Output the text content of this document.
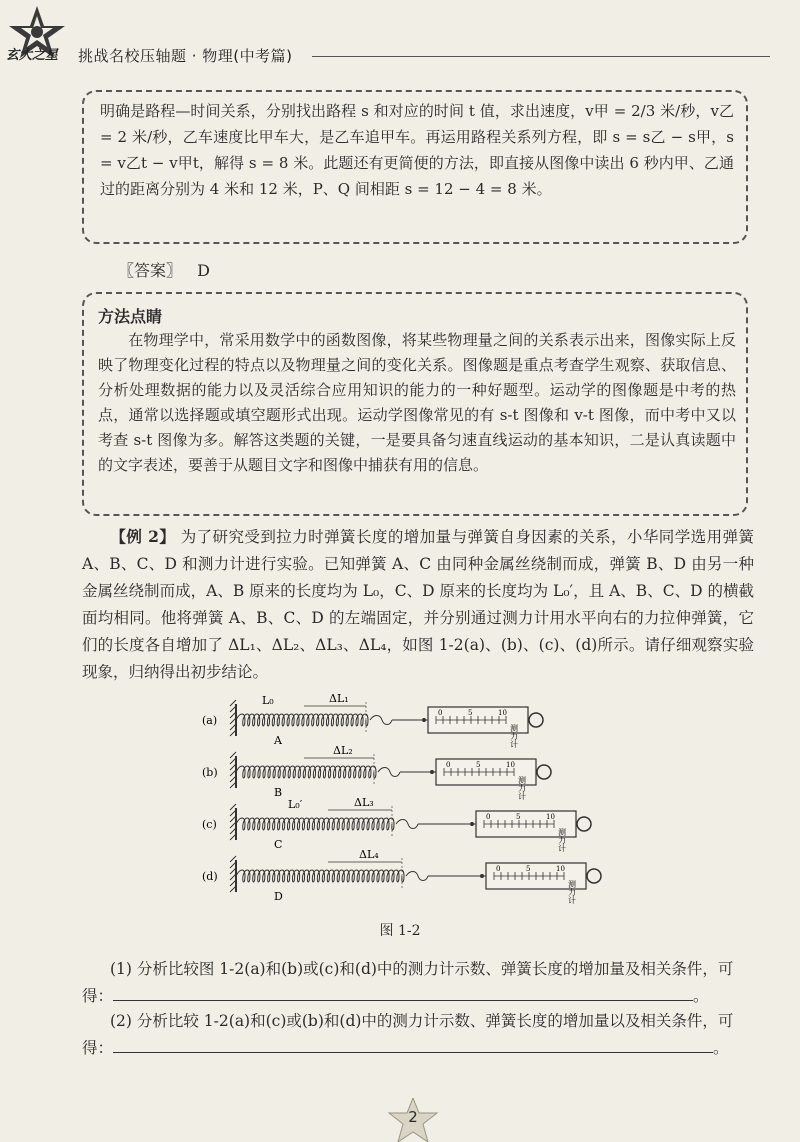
玄大之星 挑战名校压轴题 · 物理(中考篇)
明确是路程—时间关系，分别找出路程 s 和对应的时间 t 值，求出速度，v甲 = 2/3 米/秒，v乙 = 2 米/秒，乙车速度比甲车大，是乙车追甲车。再运用路程关系列方程，即 s = s乙 − s甲，s = v乙t − v甲t，解得 s = 8 米。此题还有更简便的方法，即直接从图像中读出 6 秒内甲、乙通过的距离分别为 4 米和 12 米，P、Q 间相距 s = 12 − 4 = 8 米。
〖答案〗 D
方法点睛
在物理学中，常采用数学中的函数图像，将某些物理量之间的关系表示出来，图像实际上反映了物理变化过程的特点以及物理量之间的变化关系。图像题是重点考查学生观察、获取信息、分析处理数据的能力以及灵活综合应用知识的能力的一种好题型。运动学的图像题是中考的热点，通常以选择题或填空题形式出现。运动学图像常见的有 s-t 图像和 v-t 图像，而中考中又以考查 s-t 图像为多。解答这类题的关键，一是要具备匀速直线运动的基本知识，二是认真读题中的文字表述，要善于从题目文字和图像中捕获有用的信息。
【例 2】 为了研究受到拉力时弹簧长度的增加量与弹簧自身因素的关系，小华同学选用弹簧 A、B、C、D 和测力计进行实验。已知弹簧 A、C 由同种金属丝绕制而成，弹簧 B、D 由另一种金属丝绕制而成，A、B 原来的长度均为 L₀，C、D 原来的长度均为 L₀′，且 A、B、C、D 的横截面均相同。他将弹簧 A、B、C、D 的左端固定，并分别通过测力计用水平向右的力拉伸弹簧，它们的长度各自增加了 ΔL₁、ΔL₂、ΔL₃、ΔL₄，如图 1-2(a)、(b)、(c)、(d)所示。请仔细观察实验现象，归纳得出初步结论。
(a)
0	5	10
测力计
A
ΔL₁
(b)
0	5	10
测力计
B
ΔL₂
(c)
0	5	10
测力计
C
ΔL₃
(d)
0	5	10
测力计
D
ΔL₄
L₀
L₀′
图 1-2
(1) 分析比较图 1-2(a)和(b)或(c)和(d)中的测力计示数、弹簧长度的增加量及相关条件，可得：	。
(2) 分析比较 1-2(a)和(c)或(b)和(d)中的测力计示数、弹簧长度的增加量以及相关条件，可得：	。
2
